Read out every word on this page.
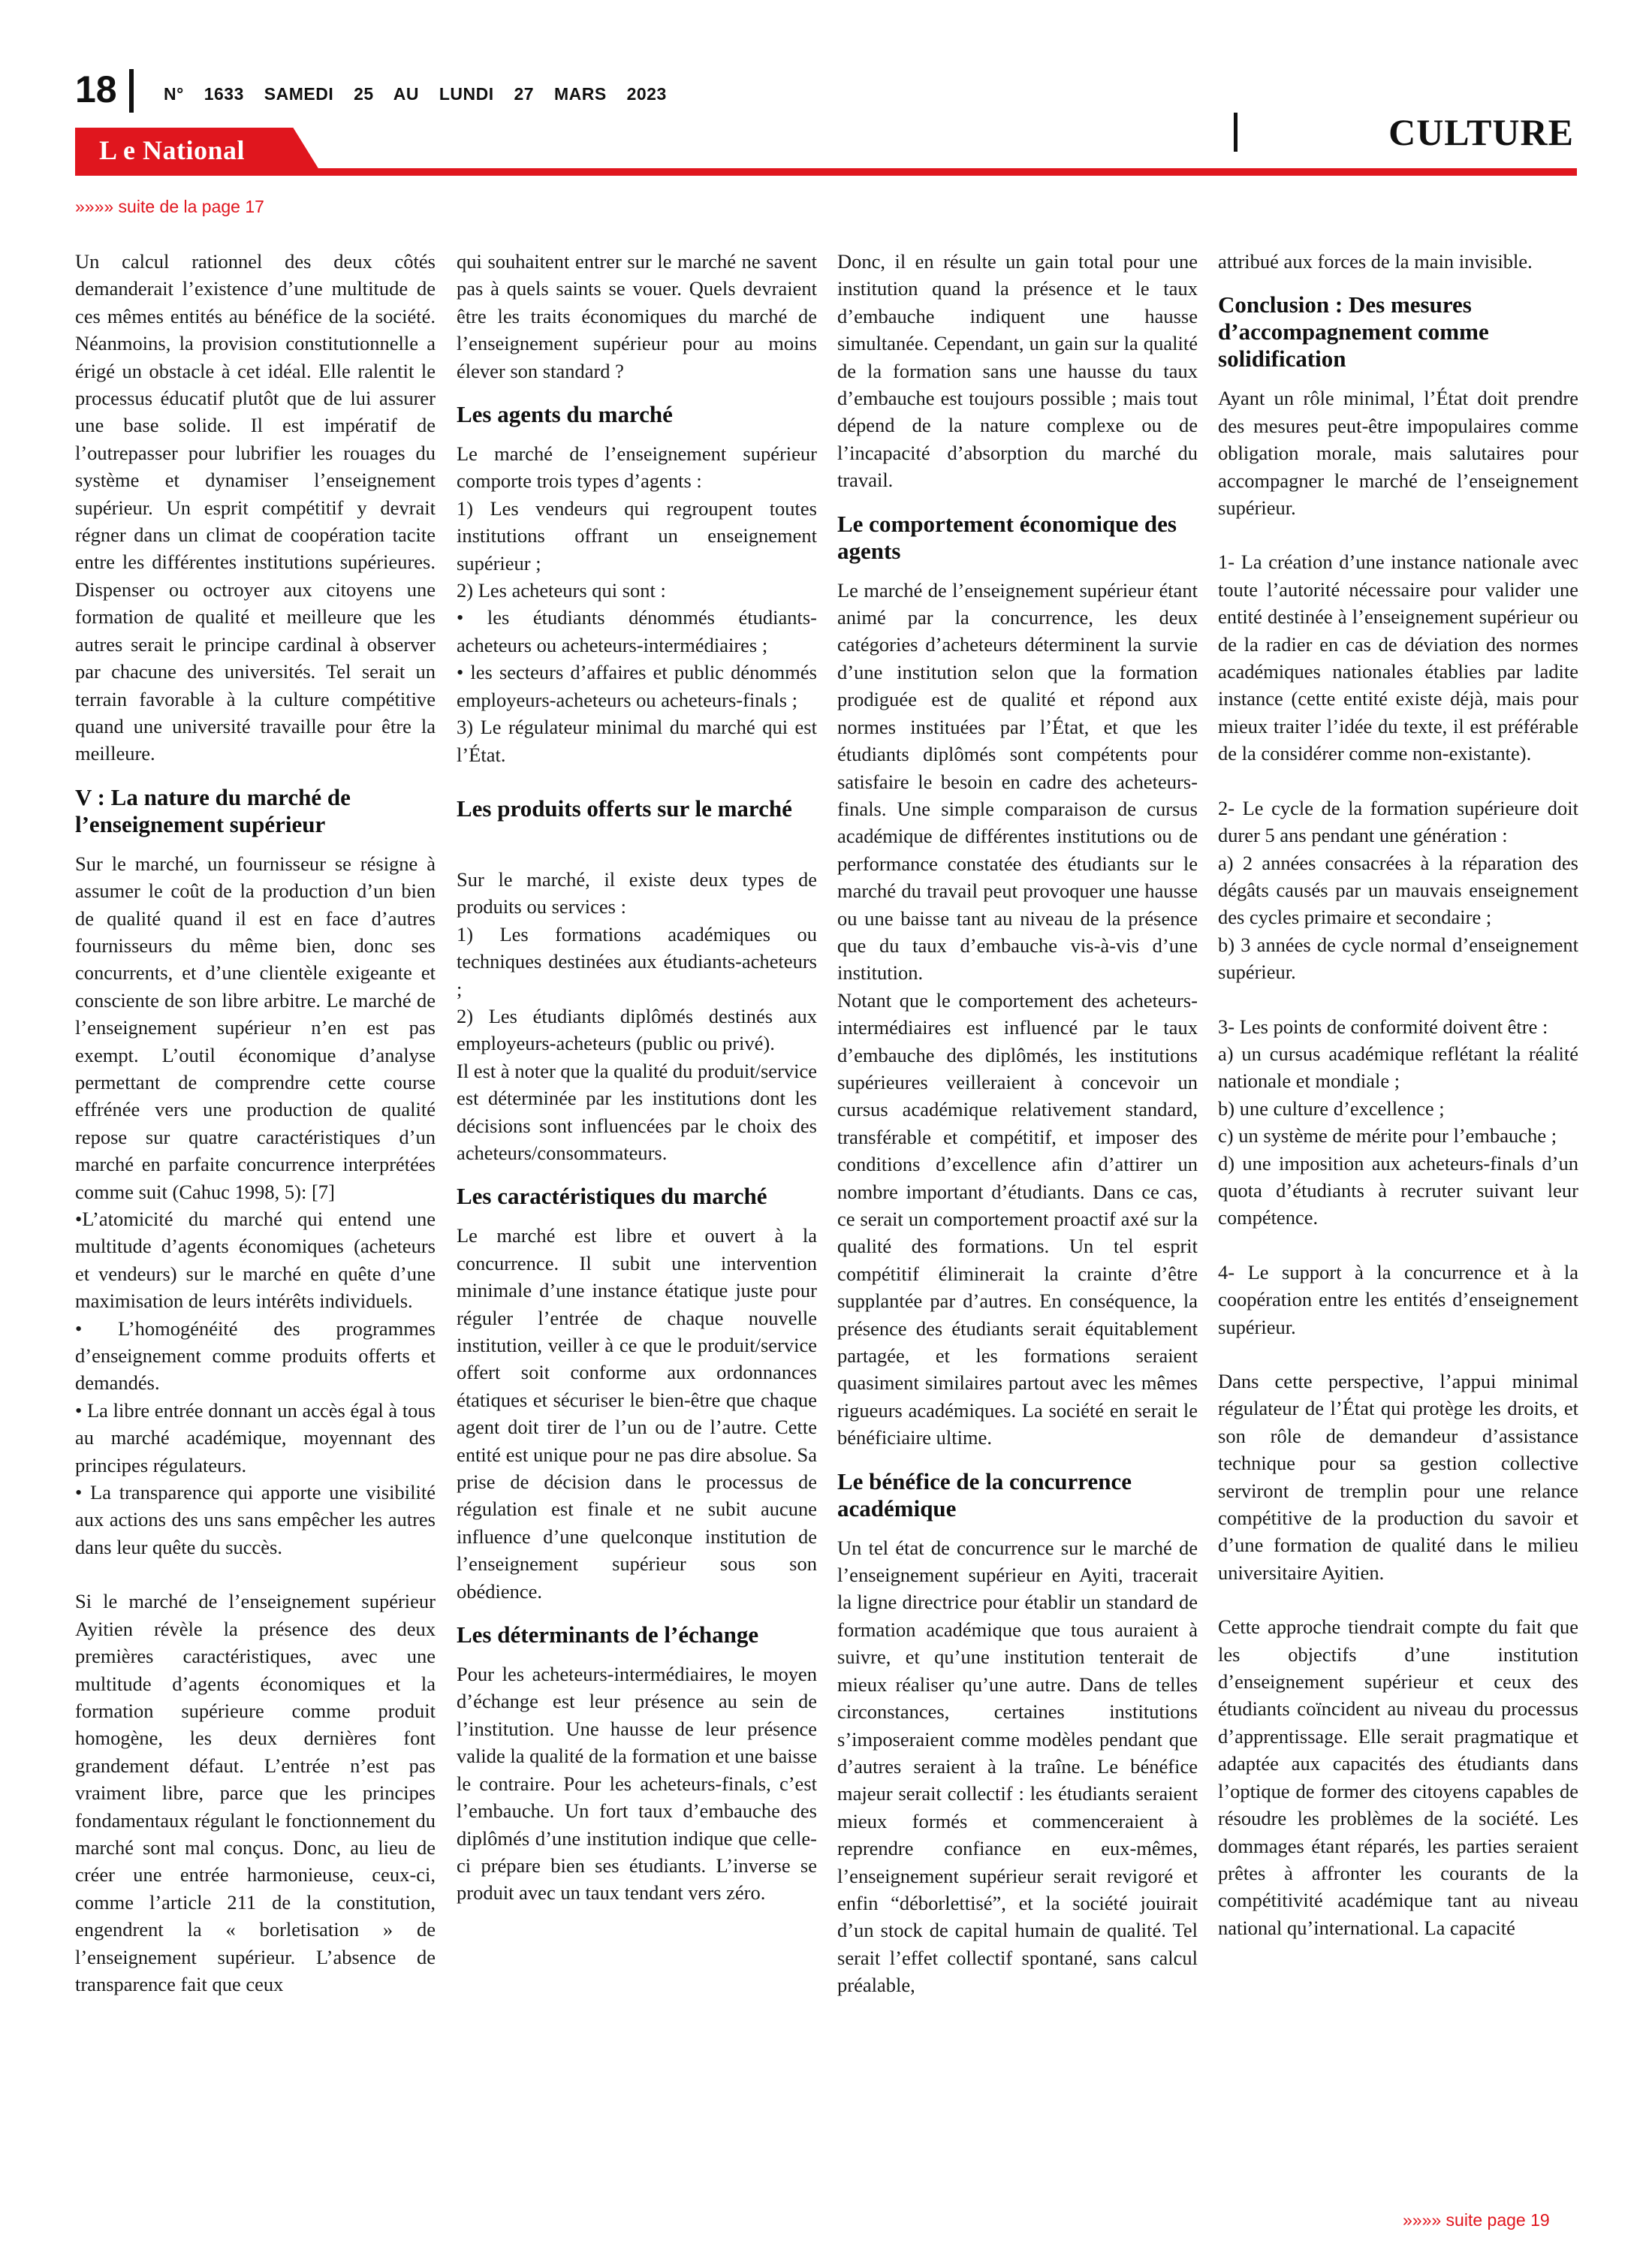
18	N° 1633 SAMEDI 25 AU LUNDI 27 MARS 2023
CULTURE
L e National
»»»» suite de la page 17

Un calcul rationnel des deux côtés demanderait l’existence d’une multitude de ces mêmes entités au bénéfice de la société. Néanmoins, la provision constitutionnelle a érigé un obstacle à cet idéal. Elle ralentit le processus éducatif plutôt que de lui assurer une base solide. Il est impératif de l’outrepasser pour lubrifier les rouages du système et dynamiser l’enseignement supérieur. Un esprit compétitif y devrait régner dans un climat de coopération tacite entre les différentes institutions supérieures. Dispenser ou octroyer aux citoyens une formation de qualité et meilleure que les autres serait le principe cardinal à observer par chacune des universités. Tel serait un terrain favorable à la culture compétitive quand une université travaille pour être la meilleure.

V : La nature du marché de l’enseignement supérieur

Sur le marché, un fournisseur se résigne à assumer le coût de la production d’un bien de qualité quand il est en face d’autres fournisseurs du même bien, donc ses concurrents, et d’une clientèle exigeante et consciente de son libre arbitre. Le marché de l’enseignement supérieur n’en est pas exempt. L’outil économique d’analyse permettant de comprendre cette course effrénée vers une production de qualité repose sur quatre caractéristiques d’un marché en parfaite concurrence interprétées comme suit (Cahuc 1998, 5): [7]

•L’atomicité du marché qui entend une multitude d’agents économiques (acheteurs et vendeurs) sur le marché en quête d’une maximisation de leurs intérêts individuels.

• L’homogénéité des programmes d’enseignement comme produits offerts et demandés.

• La libre entrée donnant un accès égal à tous au marché académique, moyennant des principes régulateurs.

• La transparence qui apporte une visibilité aux actions des uns sans empêcher les autres dans leur quête du succès.

Si le marché de l’enseignement supérieur Ayitien révèle la présence des deux premières caractéristiques, avec une multitude d’agents économiques et la formation supérieure comme produit homogène, les deux dernières font grandement défaut. L’entrée n’est pas vraiment libre, parce que les principes fondamentaux régulant le fonctionnement du marché sont mal conçus. Donc, au lieu de créer une entrée harmonieuse, ceux-ci, comme l’article 211 de la constitution, engendrent la « borletisation » de l’enseignement supérieur. L’absence de transparence fait que ceux

qui souhaitent entrer sur le marché ne savent pas à quels saints se vouer. Quels devraient être les traits économiques du marché de l’enseignement supérieur pour au moins élever son standard ?

Les agents du marché

Le marché de l’enseignement supérieur comporte trois types d’agents :

1) Les vendeurs qui regroupent toutes institutions offrant un enseignement supérieur ;

2) Les acheteurs qui sont :

• les étudiants dénommés étudiants-acheteurs ou acheteurs-intermédiaires ;

• les secteurs d’affaires et public dénommés employeurs-acheteurs ou acheteurs-finals ;

3) Le régulateur minimal du marché qui est l’État.

Les produits offerts sur le marché

Sur le marché, il existe deux types de produits ou services :

1) Les formations académiques ou techniques destinées aux étudiants-acheteurs ;

2) Les étudiants diplômés destinés aux employeurs-acheteurs (public ou privé).

Il est à noter que la qualité du produit/service est déterminée par les institutions dont les décisions sont influencées par le choix des acheteurs/consommateurs.

Les caractéristiques du marché

Le marché est libre et ouvert à la concurrence. Il subit une intervention minimale d’une instance étatique juste pour réguler l’entrée de chaque nouvelle institution, veiller à ce que le produit/service offert soit conforme aux ordonnances étatiques et sécuriser le bien-être que chaque agent doit tirer de l’un ou de l’autre. Cette entité est unique pour ne pas dire absolue. Sa prise de décision dans le processus de régulation est finale et ne subit aucune influence d’une quelconque institution de l’enseignement supérieur sous son obédience.

Les déterminants de l’échange

Pour les acheteurs-intermédiaires, le moyen d’échange est leur présence au sein de l’institution. Une hausse de leur présence valide la qualité de la formation et une baisse le contraire. Pour les acheteurs-finals, c’est l’embauche. Un fort taux d’embauche des diplômés d’une institution indique que celle-ci prépare bien ses étudiants. L’inverse se produit avec un taux tendant vers zéro.

Donc, il en résulte un gain total pour une institution quand la présence et le taux d’embauche indiquent une hausse simultanée. Cependant, un gain sur la qualité de la formation sans une hausse du taux d’embauche est toujours possible ; mais tout dépend de la nature complexe ou de l’incapacité d’absorption du marché du travail.

Le comportement économique des agents

Le marché de l’enseignement supérieur étant animé par la concurrence, les deux catégories d’acheteurs déterminent la survie d’une institution selon que la formation prodiguée est de qualité et répond aux normes instituées par l’État, et que les étudiants diplômés sont compétents pour satisfaire le besoin en cadre des acheteurs-finals. Une simple comparaison de cursus académique de différentes institutions ou de performance constatée des étudiants sur le marché du travail peut provoquer une hausse ou une baisse tant au niveau de la présence que du taux d’embauche vis-à-vis d’une institution.

Notant que le comportement des acheteurs-intermédiaires est influencé par le taux d’embauche des diplômés, les institutions supérieures veilleraient à concevoir un cursus académique relativement standard, transférable et compétitif, et imposer des conditions d’excellence afin d’attirer un nombre important d’étudiants. Dans ce cas, ce serait un comportement proactif axé sur la qualité des formations. Un tel esprit compétitif éliminerait la crainte d’être supplantée par d’autres. En conséquence, la présence des étudiants serait équitablement partagée, et les formations seraient quasiment similaires partout avec les mêmes rigueurs académiques. La société en serait le bénéficiaire ultime.

Le bénéfice de la concurrence académique

Un tel état de concurrence sur le marché de l’enseignement supérieur en Ayiti, tracerait la ligne directrice pour établir un standard de formation académique que tous auraient à suivre, et qu’une institution tenterait de mieux réaliser qu’une autre. Dans de telles circonstances, certaines institutions s’imposeraient comme modèles pendant que d’autres seraient à la traîne. Le bénéfice majeur serait collectif : les étudiants seraient mieux formés et commenceraient à reprendre confiance en eux-mêmes, l’enseignement supérieur serait revigoré et enfin “déborlettisé”, et la société jouirait d’un stock de capital humain de qualité. Tel serait l’effet collectif spontané, sans calcul préalable,

attribué aux forces de la main invisible.

Conclusion : Des mesures d’accompagnement comme solidification

Ayant un rôle minimal, l’État doit prendre des mesures peut-être impopulaires comme obligation morale, mais salutaires pour accompagner le marché de l’enseignement supérieur.

1- La création d’une instance nationale avec toute l’autorité nécessaire pour valider une entité destinée à l’enseignement supérieur ou de la radier en cas de déviation des normes académiques nationales établies par ladite instance (cette entité existe déjà, mais pour mieux traiter l’idée du texte, il est préférable de la considérer comme non-existante).

2- Le cycle de la formation supérieure doit durer 5 ans pendant une génération :

a) 2 années consacrées à la réparation des dégâts causés par un mauvais enseignement des cycles primaire et secondaire ;

b) 3 années de cycle normal d’enseignement supérieur.

3- Les points de conformité doivent être :

a) un cursus académique reflétant la réalité nationale et mondiale ;

b) une culture d’excellence ;

c) un système de mérite pour l’embauche ;

d) une imposition aux acheteurs-finals d’un quota d’étudiants à recruter suivant leur compétence.

4- Le support à la concurrence et à la coopération entre les entités d’enseignement supérieur.

Dans cette perspective, l’appui minimal régulateur de l’État qui protège les droits, et son rôle de demandeur d’assistance technique pour sa gestion collective serviront de tremplin pour une relance compétitive de la production du savoir et d’une formation de qualité dans le milieu universitaire Ayitien.

Cette approche tiendrait compte du fait que les objectifs d’une institution d’enseignement supérieur et ceux des étudiants coïncident au niveau du processus d’apprentissage. Elle serait pragmatique et adaptée aux capacités des étudiants dans l’optique de former des citoyens capables de résoudre les problèmes de la société. Les dommages étant réparés, les parties seraient prêtes à affronter les courants de la compétitivité académique tant au niveau national qu’international. La capacité

»»»» suite page 19
